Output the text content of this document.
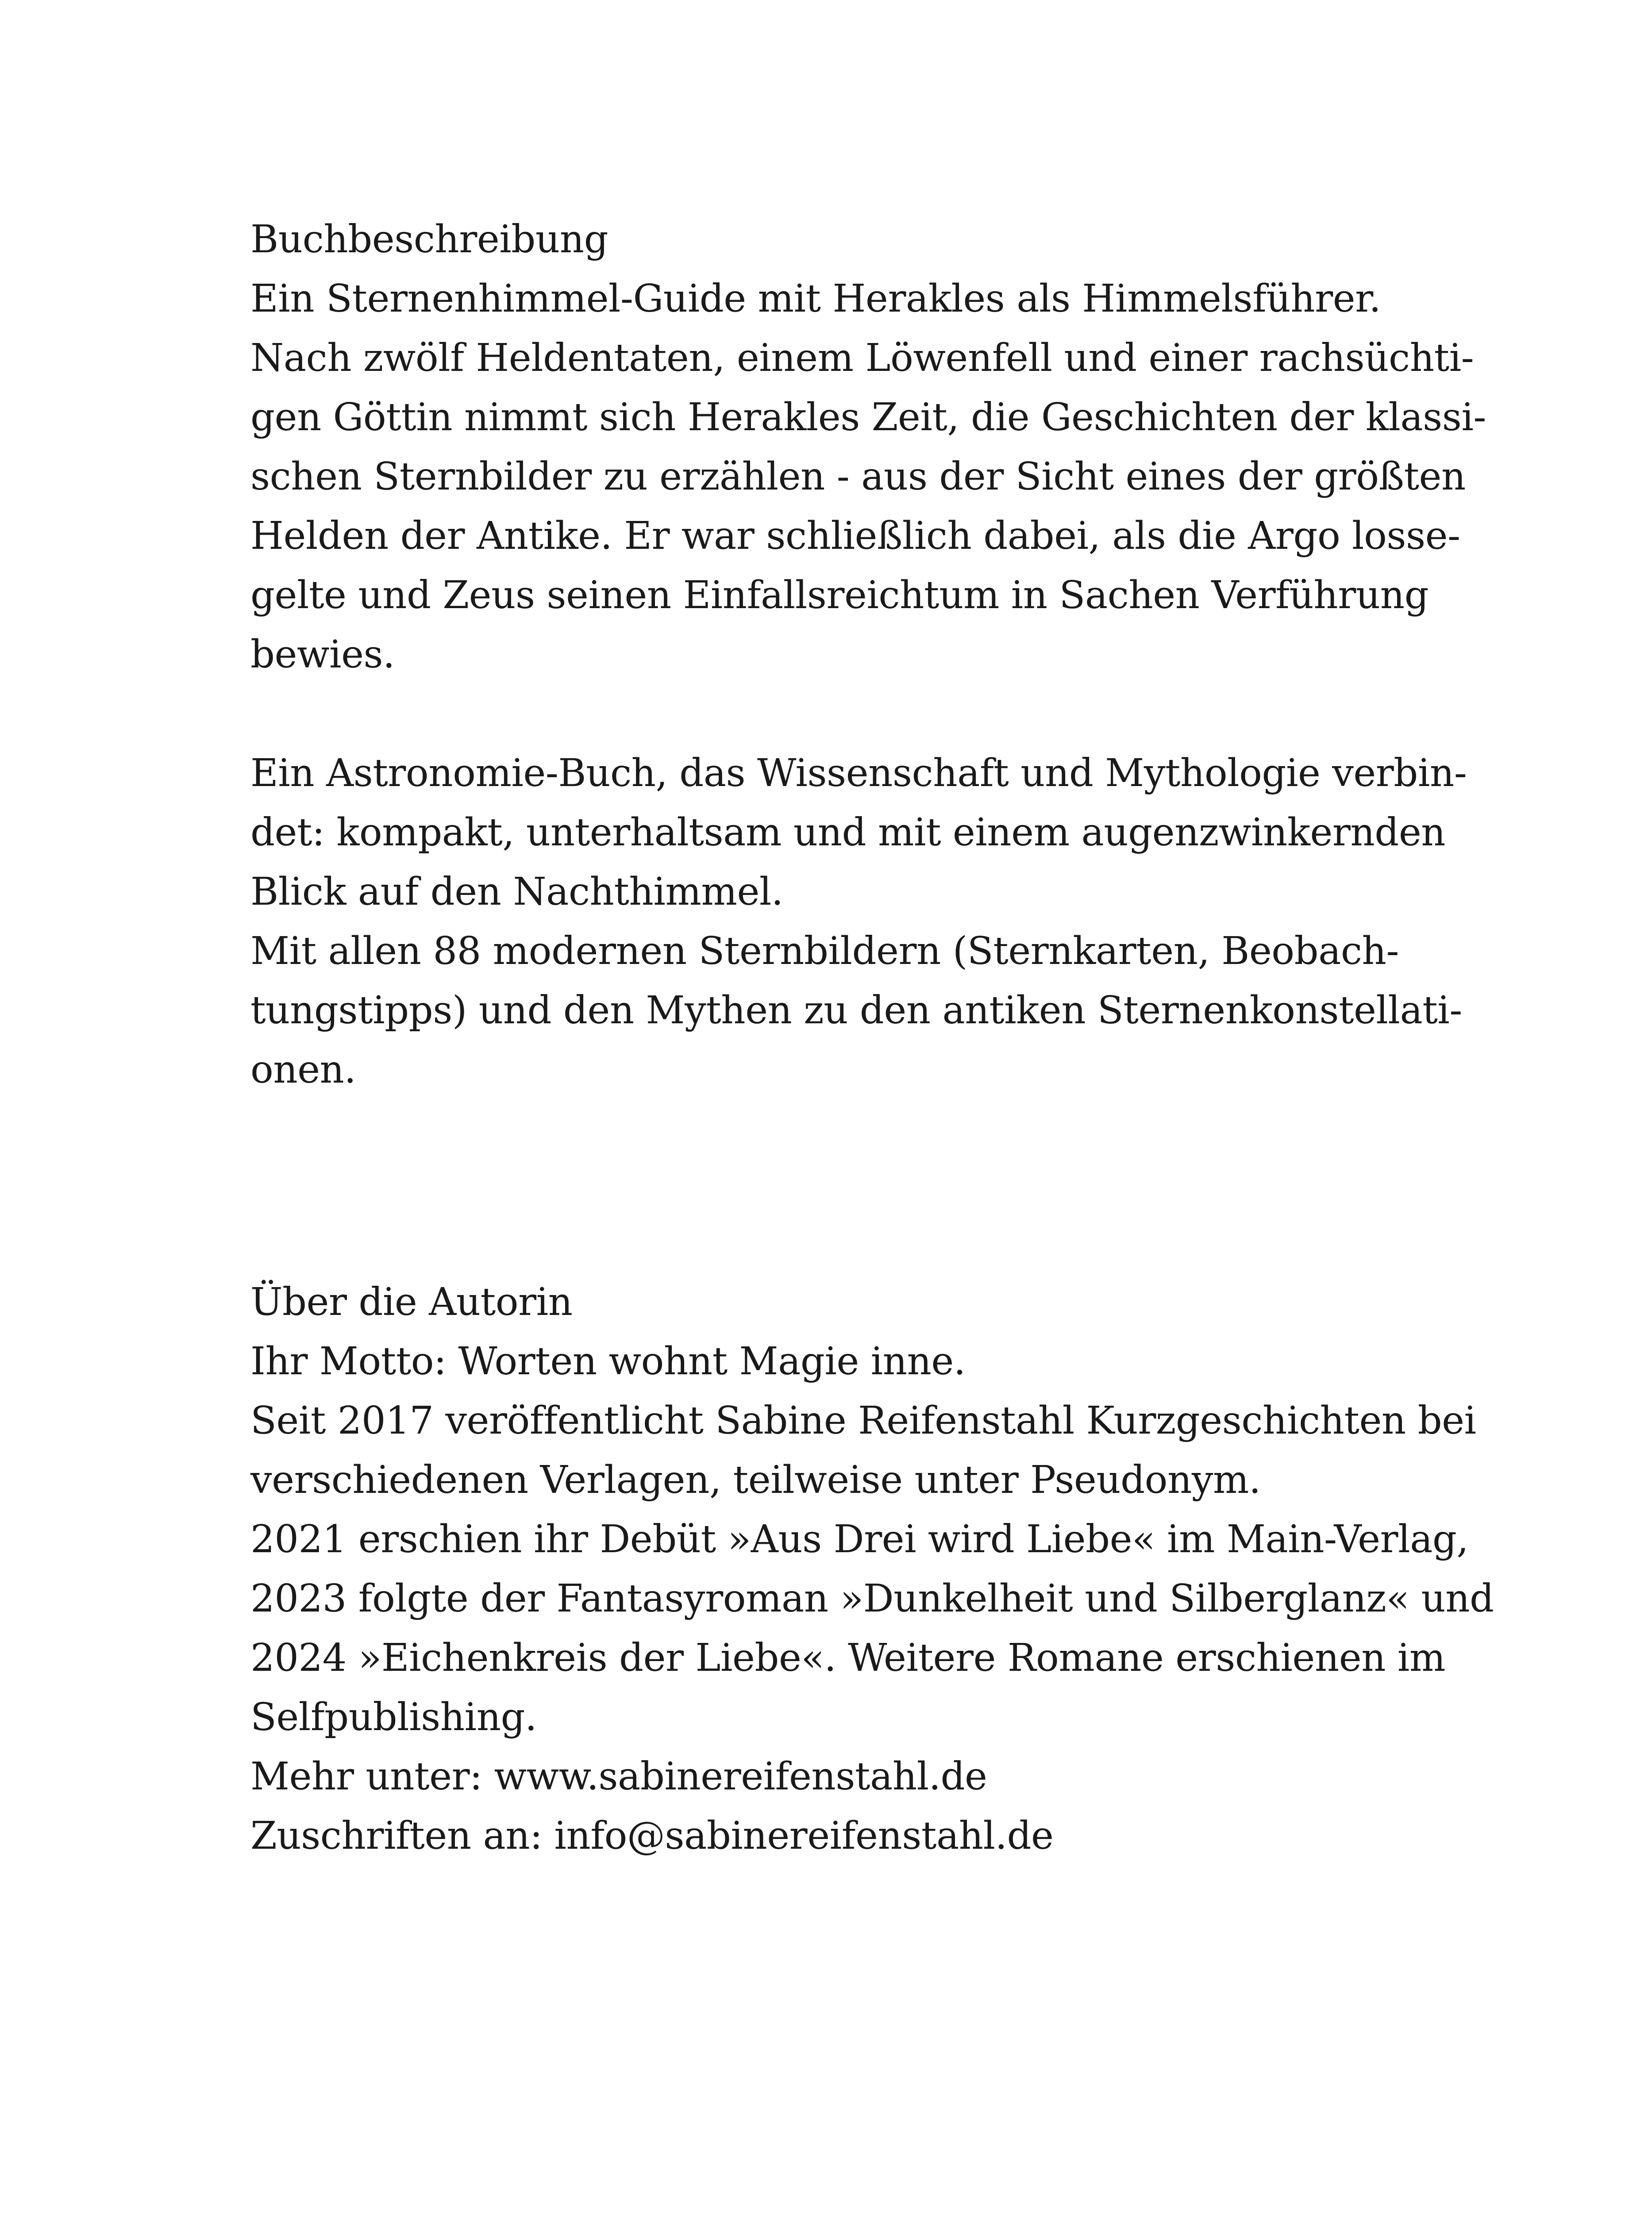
Buchbeschreibung
Ein Sternenhimmel-Guide mit Herakles als Himmelsführer.
Nach zwölf Heldentaten, einem Löwenfell und einer rachsüchti-
gen Göttin nimmt sich Herakles Zeit, die Geschichten der klassi-
schen Sternbilder zu erzählen - aus der Sicht eines der größten
Helden der Antike. Er war schließlich dabei, als die Argo losse-
gelte und Zeus seinen Einfallsreichtum in Sachen Verführung
bewies.
Ein Astronomie-Buch, das Wissenschaft und Mythologie verbin-
det: kompakt, unterhaltsam und mit einem augenzwinkernden
Blick auf den Nachthimmel.
Mit allen 88 modernen Sternbildern (Sternkarten, Beobach-
tungstipps) und den Mythen zu den antiken Sternenkonstellati-
onen.
Über die Autorin
Ihr Motto: Worten wohnt Magie inne.
Seit 2017 veröffentlicht Sabine Reifenstahl Kurzgeschichten bei
verschiedenen Verlagen, teilweise unter Pseudonym.
2021 erschien ihr Debüt »Aus Drei wird Liebe« im Main-Verlag,
2023 folgte der Fantasyroman »Dunkelheit und Silberglanz« und
2024 »Eichenkreis der Liebe«. Weitere Romane erschienen im
Selfpublishing.
Mehr unter: www.sabinereifenstahl.de
Zuschriften an: info@sabinereifenstahl.de
